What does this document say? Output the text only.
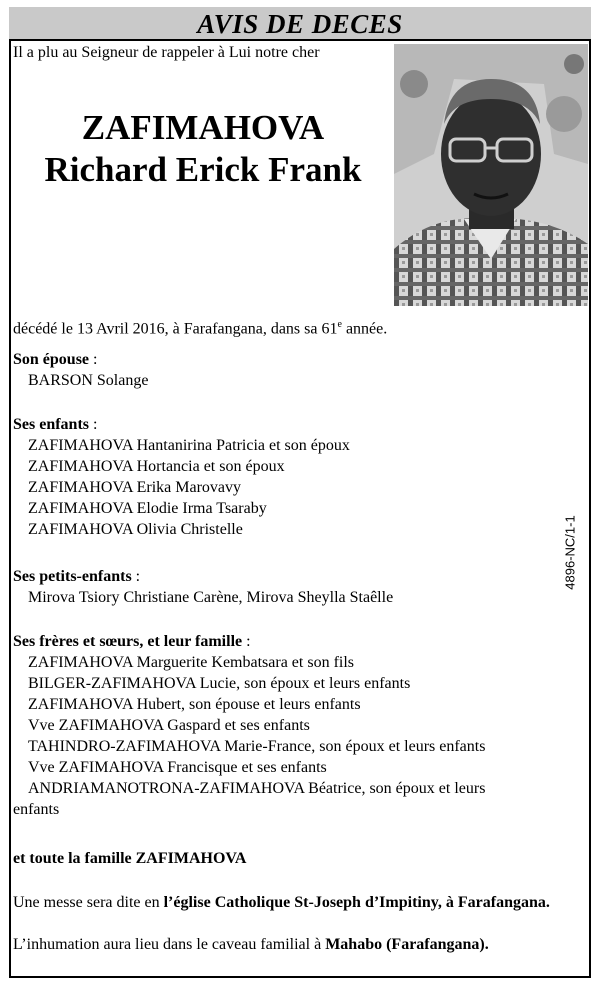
AVIS DE DECES
Il a plu au Seigneur de rappeler à Lui notre cher
ZAFIMAHOVA
Richard Erick Frank
décédé le 13 Avril 2016, à Farafangana, dans sa 61e année.
Son épouse :
BARSON Solange
Ses enfants :
ZAFIMAHOVA Hantanirina Patricia et son époux
ZAFIMAHOVA Hortancia et son époux
ZAFIMAHOVA Erika Marovavy
ZAFIMAHOVA Elodie Irma Tsaraby
ZAFIMAHOVA Olivia Christelle
Ses petits-enfants :
Mirova Tsiory Christiane Carène, Mirova Sheylla Staêlle
Ses frères et sœurs, et leur famille :
ZAFIMAHOVA Marguerite Kembatsara et son fils
BILGER-ZAFIMAHOVA Lucie, son époux et leurs enfants
ZAFIMAHOVA Hubert, son épouse et leurs enfants
Vve ZAFIMAHOVA Gaspard et ses enfants
TAHINDRO-ZAFIMAHOVA Marie-France, son époux et leurs enfants
Vve ZAFIMAHOVA Francisque et ses enfants
ANDRIAMANOTRONA-ZAFIMAHOVA Béatrice, son époux et leurs
enfants
et toute la famille ZAFIMAHOVA
Une messe sera dite en l’église Catholique St-Joseph d’Impitiny, à Farafangana.
L’inhumation aura lieu dans le caveau familial à Mahabo (Farafangana).
4896-NC/1-1
